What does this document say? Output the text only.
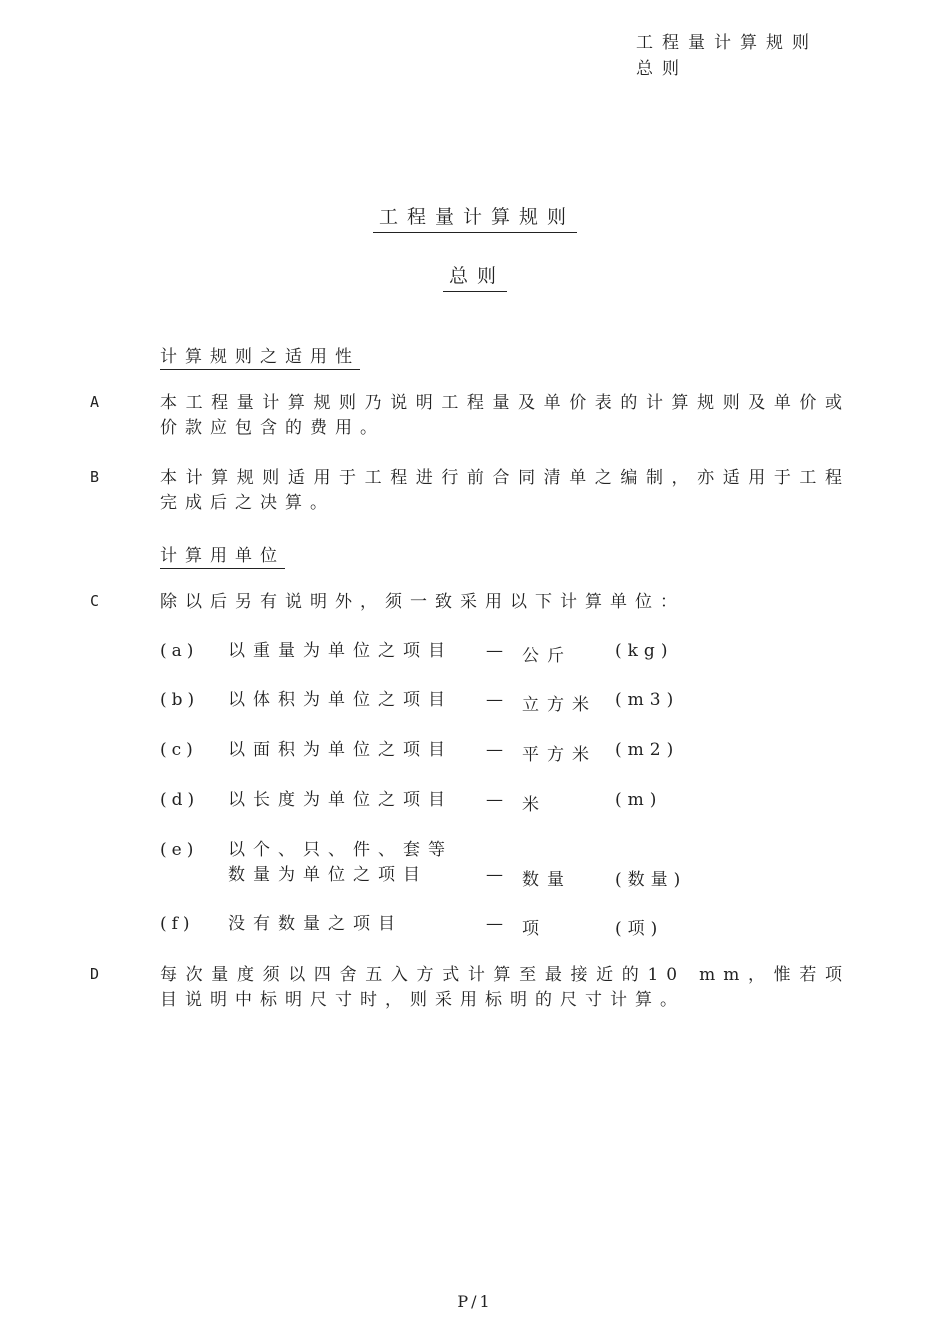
工程量计算规则
总则
工程量计算规则
总则
计算规则之适用性
A	本工程量计算规则乃说明工程量及单价表的计算规则及单价或价款应包含的费用。
B	本计算规则适用于工程进行前合同清单之编制，亦适用于工程完成后之决算。
计算用单位
C	除以后另有说明外，须一致采用以下计算单位：
(a) 以重量为单位之项目 — 公斤	(kg)
(b) 以体积为单位之项目 — 立方米 (m3)
(c) 以面积为单位之项目 — 平方米 (m2)
(d) 以长度为单位之项目 — 米	(m)
(e) 以个、只、件、套等
数量为单位之项目	— 数量	(数量)
(f) 没有数量之项目	— 项	(项)
D	每次量度须以四舍五入方式计算至最接近的10 mm，惟若项目说明中标明尺寸时，则采用标明的尺寸计算。
P/1
